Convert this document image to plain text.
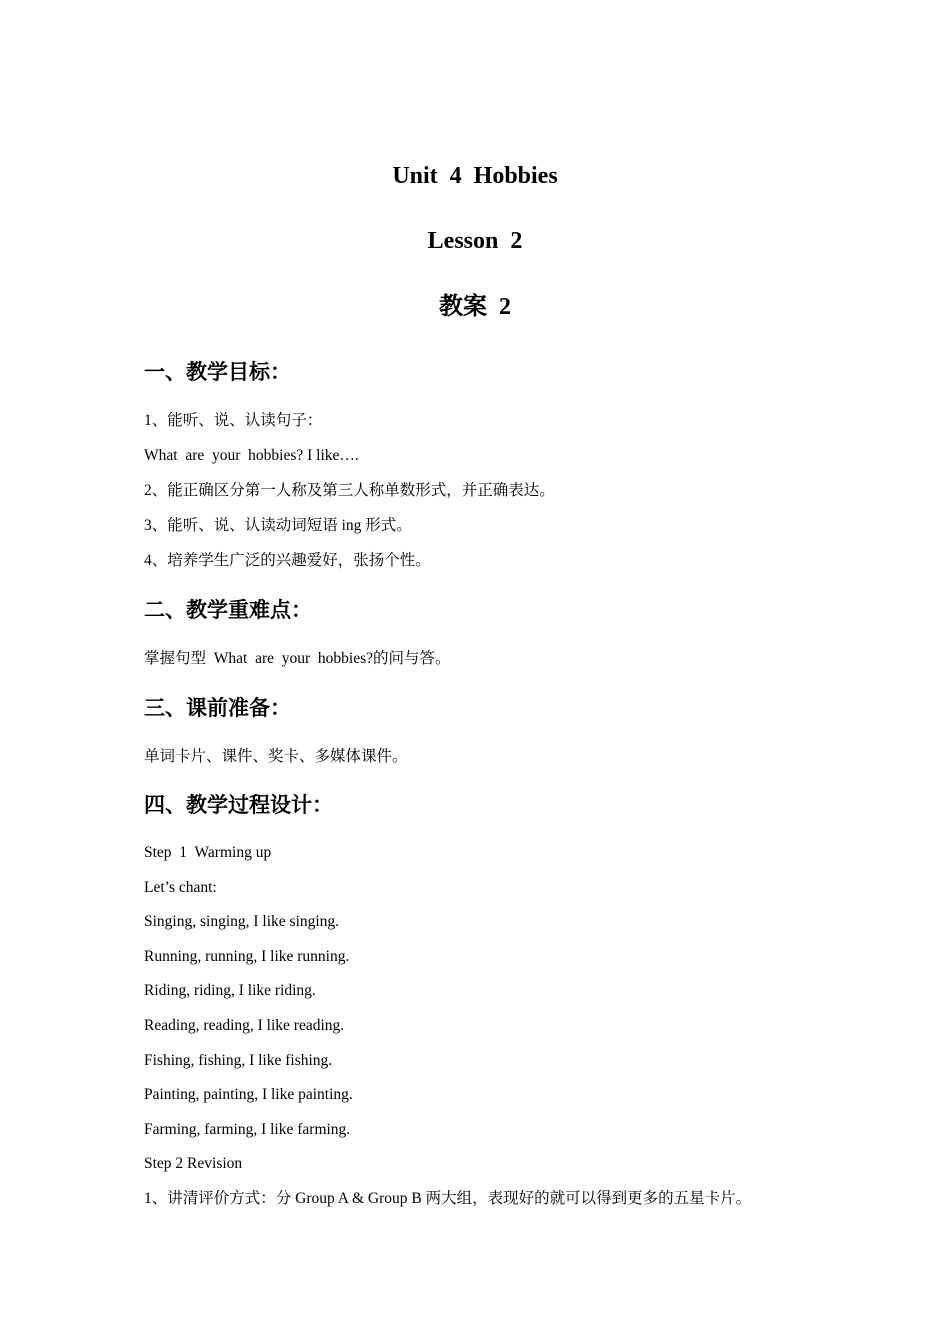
Unit  4  Hobbies
Lesson  2
教案  2
一、教学目标：
1、能听、说、认读句子：
What  are  your  hobbies? I like….
2、能正确区分第一人称及第三人称单数形式，并正确表达。
3、能听、说、认读动词短语 ing 形式。
4、培养学生广泛的兴趣爱好，张扬个性。
二、教学重难点：
掌握句型  What  are  your  hobbies?的问与答。
三、课前准备：
单词卡片、课件、奖卡、多媒体课件。
四、教学过程设计：
Step  1  Warming up
Let’s chant:
Singing, singing, I like singing.
Running, running, I like running.
Riding, riding, I like riding.
Reading, reading, I like reading.
Fishing, fishing, I like fishing.
Painting, painting, I like painting.
Farming, farming, I like farming.
Step 2 Revision
1、讲清评价方式：分 Group A & Group B 两大组，表现好的就可以得到更多的五星卡片。
